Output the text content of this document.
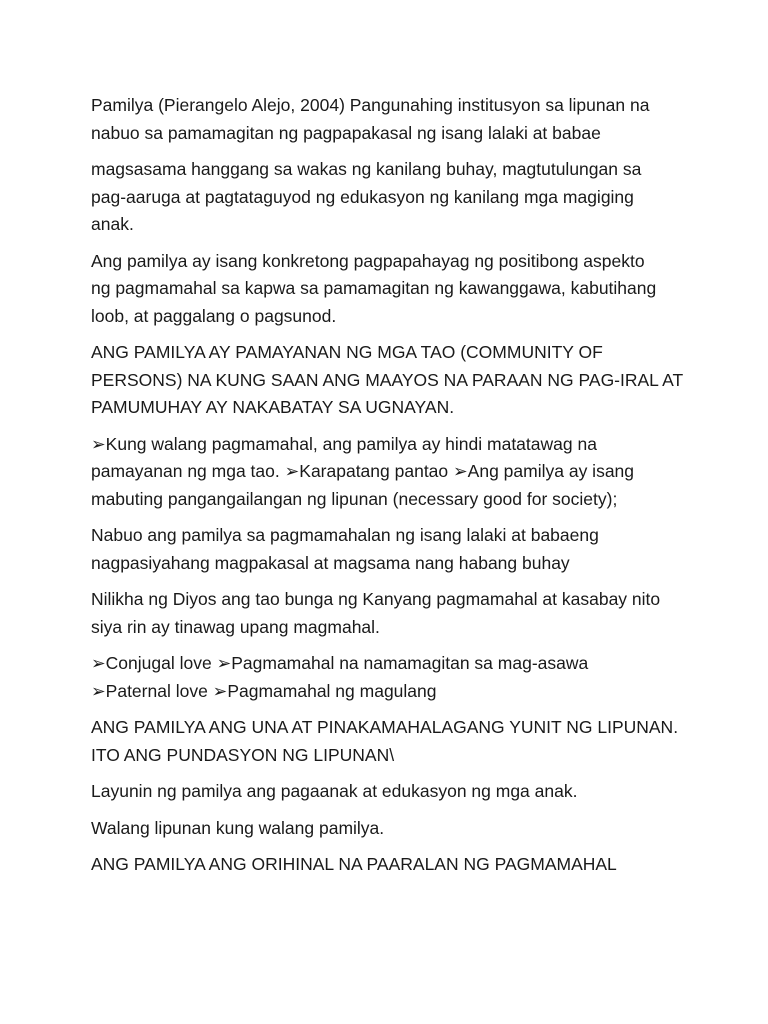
Pamilya (Pierangelo Alejo, 2004) Pangunahing institusyon sa lipunan na
nabuo sa pamamagitan ng pagpapakasal ng isang lalaki at babae

magsasama hanggang sa wakas ng kanilang buhay, magtutulungan sa
pag-aaruga at pagtataguyod ng edukasyon ng kanilang mga magiging
anak.

Ang pamilya ay isang konkretong pagpapahayag ng positibong aspekto
ng pagmamahal sa kapwa sa pamamagitan ng kawanggawa, kabutihang
loob, at paggalang o pagsunod.

ANG PAMILYA AY PAMAYANAN NG MGA TAO (COMMUNITY OF
PERSONS) NA KUNG SAAN ANG MAAYOS NA PARAAN NG PAG-IRAL AT
PAMUMUHAY AY NAKABATAY SA UGNAYAN.

➢Kung walang pagmamahal, ang pamilya ay hindi matatawag na
pamayanan ng mga tao. ➢Karapatang pantao ➢Ang pamilya ay isang
mabuting pangangailangan ng lipunan (necessary good for society);

Nabuo ang pamilya sa pagmamahalan ng isang lalaki at babaeng
nagpasiyahang magpakasal at magsama nang habang buhay

Nilikha ng Diyos ang tao bunga ng Kanyang pagmamahal at kasabay nito
siya rin ay tinawag upang magmahal.

➢Conjugal love ➢Pagmamahal na namamagitan sa mag-asawa
➢Paternal love ➢Pagmamahal ng magulang

ANG PAMILYA ANG UNA AT PINAKAMAHALAGANG YUNIT NG LIPUNAN.
ITO ANG PUNDASYON NG LIPUNAN\

Layunin ng pamilya ang pagaanak at edukasyon ng mga anak.

Walang lipunan kung walang pamilya.

ANG PAMILYA ANG ORIHINAL NA PAARALAN NG PAGMAMAHAL
